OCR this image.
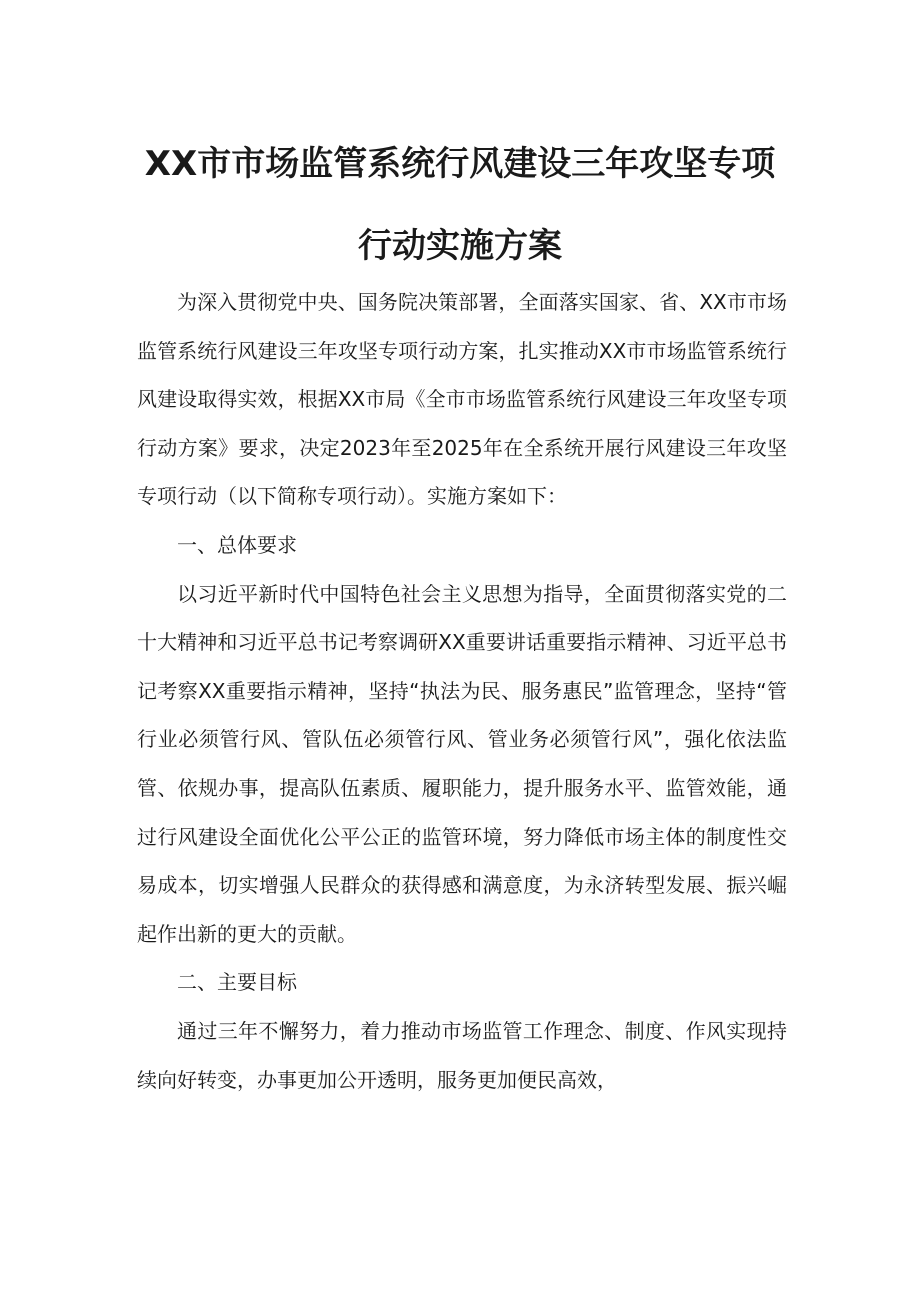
XX市市场监管系统行风建设三年攻坚专项
行动实施方案

为深入贯彻党中央、国务院决策部署，全面落实国家、省、XX市市场监管系统行风建设三年攻坚专项行动方案，扎实推动XX市市场监管系统行风建设取得实效，根据XX市局《全市市场监管系统行风建设三年攻坚专项行动方案》要求，决定2023年至2025年在全系统开展行风建设三年攻坚专项行动（以下简称专项行动）。实施方案如下：

一、总体要求

以习近平新时代中国特色社会主义思想为指导，全面贯彻落实党的二十大精神和习近平总书记考察调研XX重要讲话重要指示精神、习近平总书记考察XX重要指示精神，坚持“执法为民、服务惠民”监管理念，坚持“管行业必须管行风、管队伍必须管行风、管业务必须管行风”，强化依法监管、依规办事，提高队伍素质、履职能力，提升服务水平、监管效能，通过行风建设全面优化公平公正的监管环境，努力降低市场主体的制度性交易成本，切实增强人民群众的获得感和满意度，为永济转型发展、振兴崛起作出新的更大的贡献。

二、主要目标

通过三年不懈努力，着力推动市场监管工作理念、制度、作风实现持续向好转变，办事更加公开透明，服务更加便民高效，
